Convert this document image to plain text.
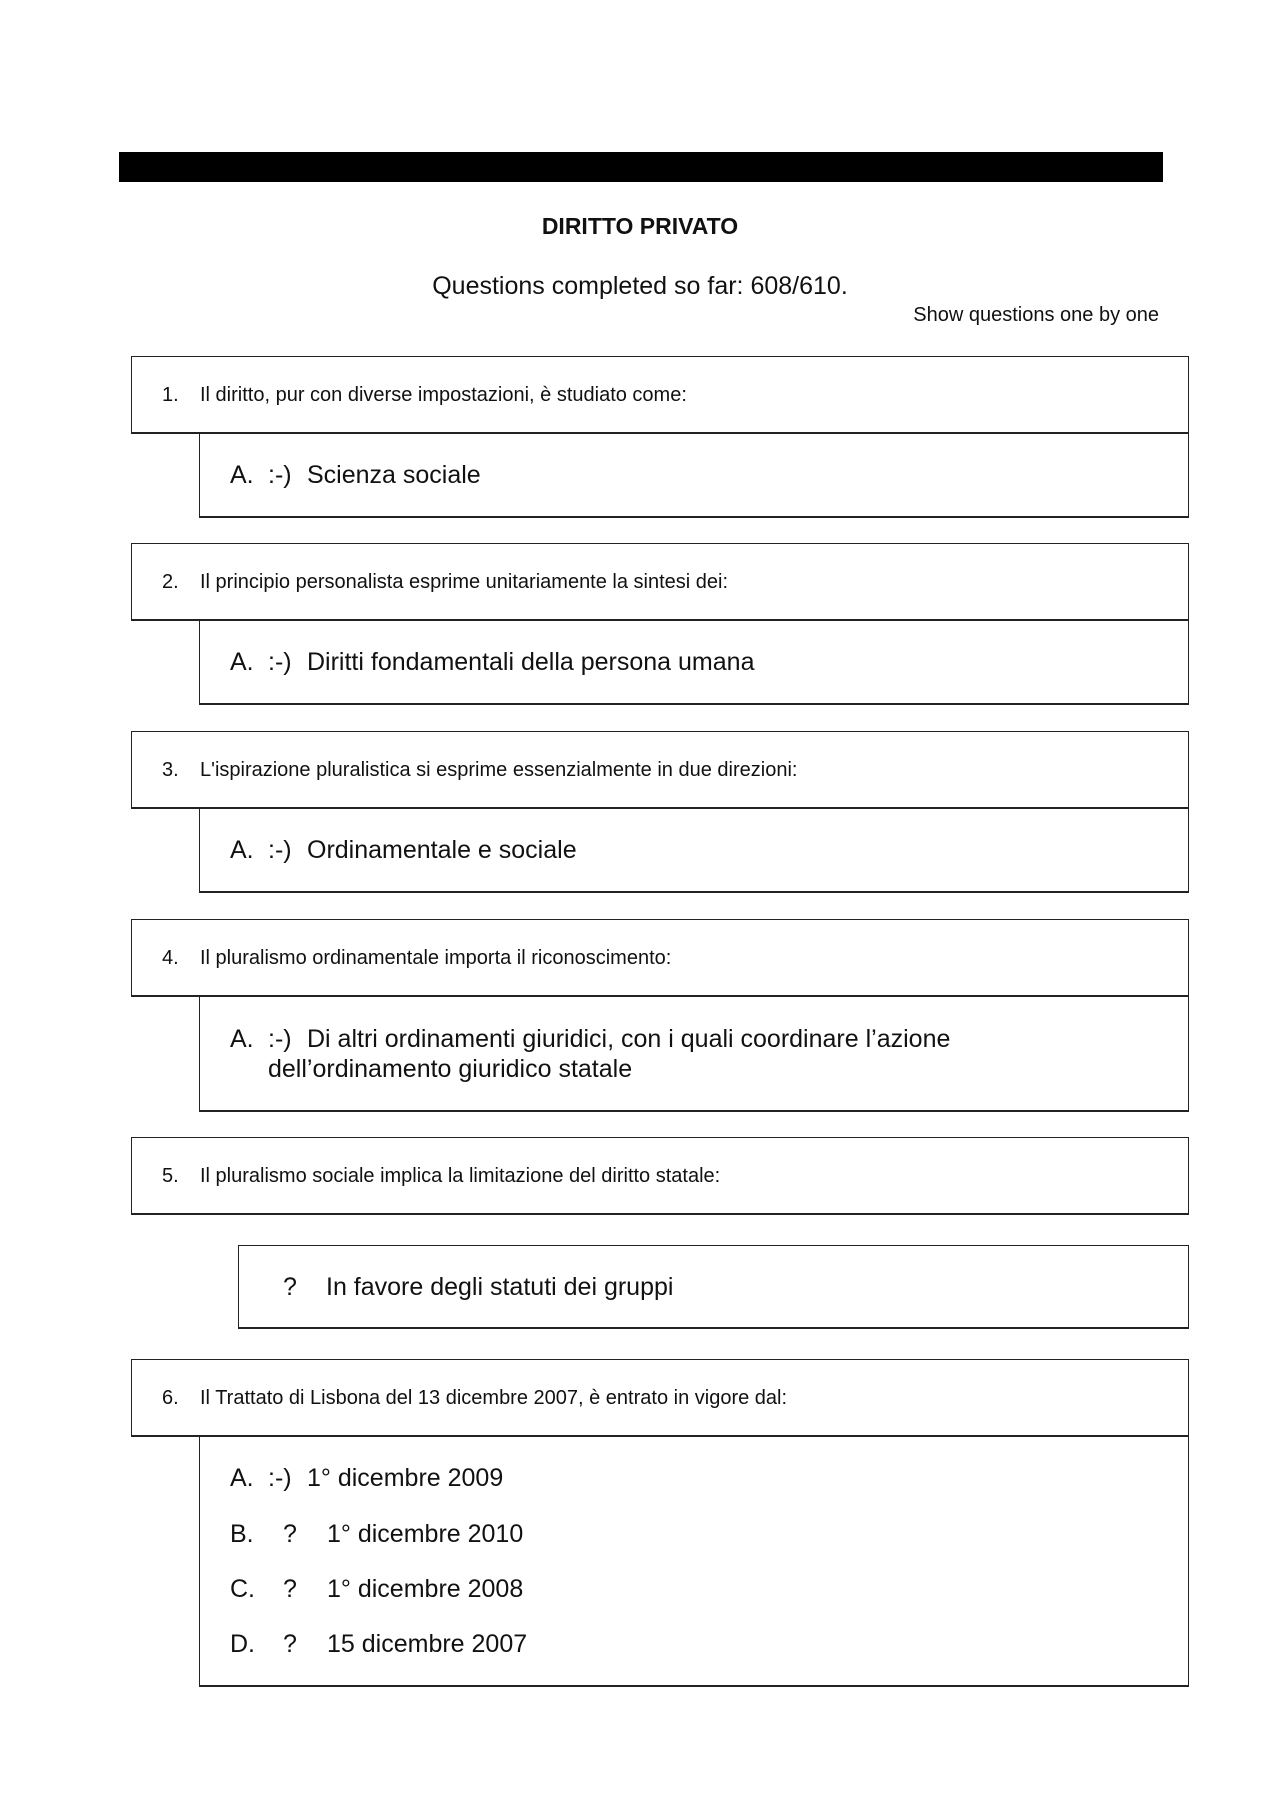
DIRITTO PRIVATO
Questions completed so far: 608/610.
Show questions one by one
1. Il diritto, pur con diverse impostazioni, è studiato come:
A. :-) Scienza sociale
2. Il principio personalista esprime unitariamente la sintesi dei:
A. :-) Diritti fondamentali della persona umana
3. L'ispirazione pluralistica si esprime essenzialmente in due direzioni:
A. :-) Ordinamentale e sociale
4. Il pluralismo ordinamentale importa il riconoscimento:
A. :-) Di altri ordinamenti giuridici, con i quali coordinare l’azione
dell’ordinamento giuridico statale
5. Il pluralismo sociale implica la limitazione del diritto statale:
? In favore degli statuti dei gruppi
6. Il Trattato di Lisbona del 13 dicembre 2007, è entrato in vigore dal:
A. :-) 1° dicembre 2009
B. ? 1° dicembre 2010
C. ? 1° dicembre 2008
D. ? 15 dicembre 2007
